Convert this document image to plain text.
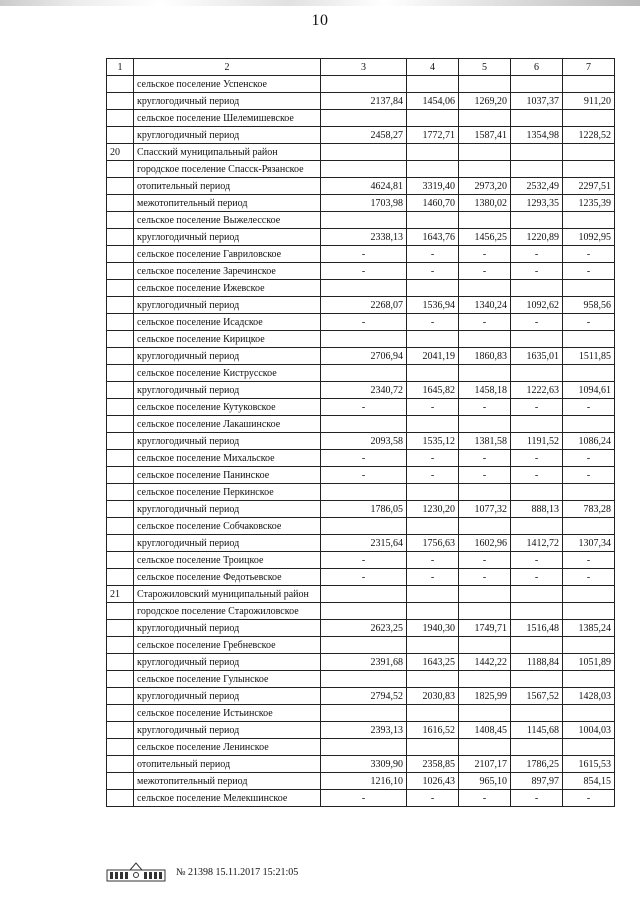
10
1	2	3	4	5	6	7
	сельское поселение Успенское					
	круглогодичный период	2137,84	1454,06	1269,20	1037,37	911,20
	сельское поселение Шелемишевское					
	круглогодичный период	2458,27	1772,71	1587,41	1354,98	1228,52
20	Спасский муниципальный район					
	городское поселение Спасск-Рязанское					
	отопительный период	4624,81	3319,40	2973,20	2532,49	2297,51
	межотопительный период	1703,98	1460,70	1380,02	1293,35	1235,39
	сельское поселение Выжелесское					
	круглогодичный период	2338,13	1643,76	1456,25	1220,89	1092,95
	сельское поселение Гавриловское	-	-	-	-	-
	сельское поселение Заречинское	-	-	-	-	-
	сельское поселение Ижевское					
	круглогодичный период	2268,07	1536,94	1340,24	1092,62	958,56
	сельское поселение Исадское	-	-	-	-	-
	сельское поселение Кирицкое					
	круглогодичный период	2706,94	2041,19	1860,83	1635,01	1511,85
	сельское поселение Киструсское					
	круглогодичный период	2340,72	1645,82	1458,18	1222,63	1094,61
	сельское поселение Кутуковское	-	-	-	-	-
	сельское поселение Лакашинское					
	круглогодичный период	2093,58	1535,12	1381,58	1191,52	1086,24
	сельское поселение Михальское	-	-	-	-	-
	сельское поселение Панинское	-	-	-	-	-
	сельское поселение Перкинское					
	круглогодичный период	1786,05	1230,20	1077,32	888,13	783,28
	сельское поселение Собчаковское					
	круглогодичный период	2315,64	1756,63	1602,96	1412,72	1307,34
	сельское поселение Троицкое	-	-	-	-	-
	сельское поселение Федотьевское	-	-	-	-	-
21	Старожиловский муниципальный район					
	городское поселение Старожиловское					
	круглогодичный период	2623,25	1940,30	1749,71	1516,48	1385,24
	сельское поселение Гребневское					
	круглогодичный период	2391,68	1643,25	1442,22	1188,84	1051,89
	сельское поселение Гулынское					
	круглогодичный период	2794,52	2030,83	1825,99	1567,52	1428,03
	сельское поселение Истьинское					
	круглогодичный период	2393,13	1616,52	1408,45	1145,68	1004,03
	сельское поселение Ленинское					
	отопительный период	3309,90	2358,85	2107,17	1786,25	1615,53
	межотопительный период	1216,10	1026,43	965,10	897,97	854,15
	сельское поселение Мелекшинское	-	-	-	-	-
№ 21398 15.11.2017 15:21:05
